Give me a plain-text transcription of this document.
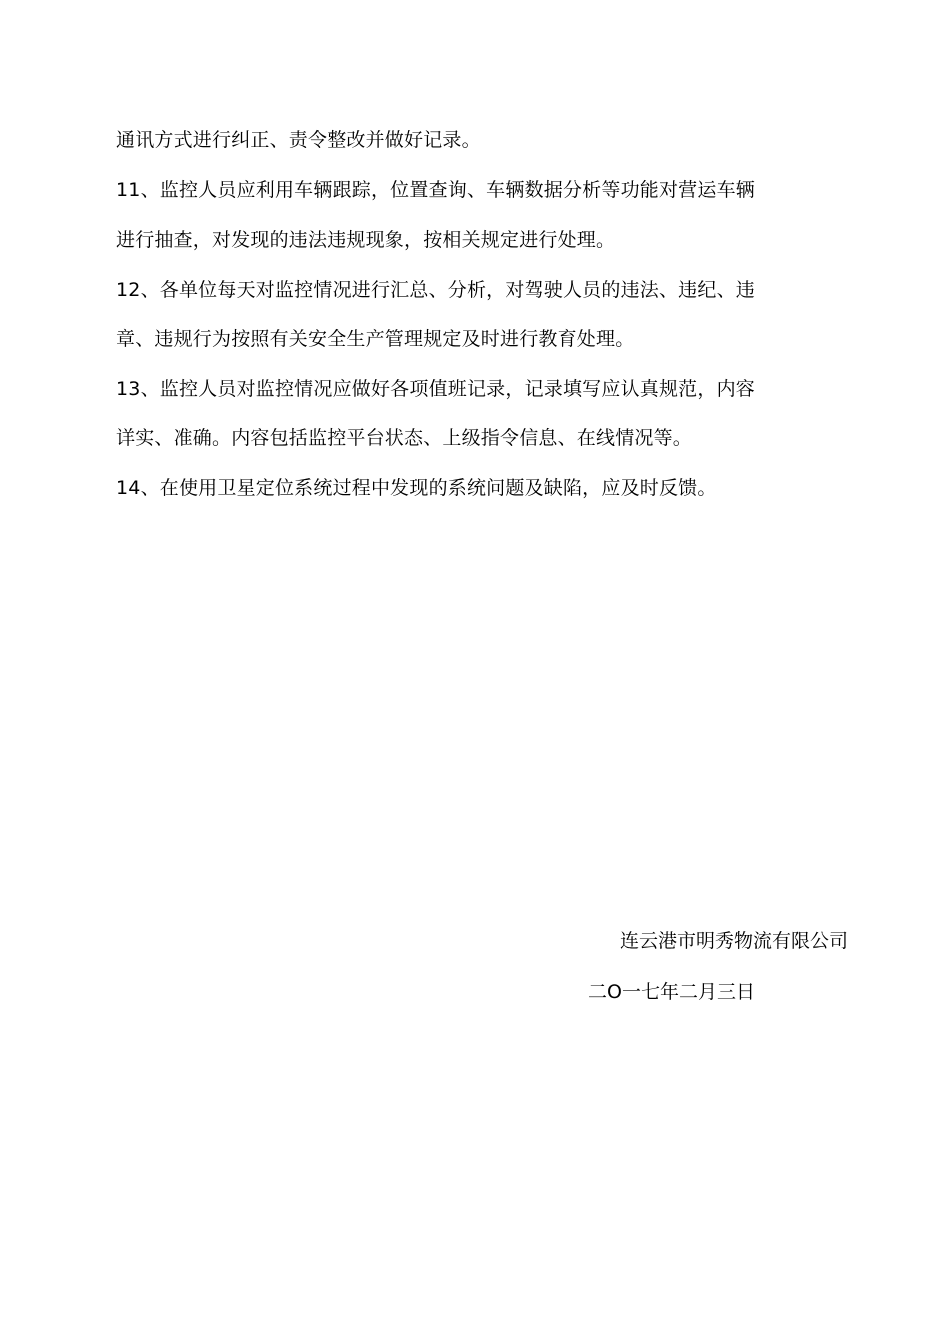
通讯方式进行纠正、责令整改并做好记录。
11、监控人员应利用车辆跟踪，位置查询、车辆数据分析等功能对营运车辆
进行抽查，对发现的违法违规现象，按相关规定进行处理。
12、各单位每天对监控情况进行汇总、分析，对驾驶人员的违法、违纪、违
章、违规行为按照有关安全生产管理规定及时进行教育处理。
13、监控人员对监控情况应做好各项值班记录，记录填写应认真规范，内容
详实、准确。内容包括监控平台状态、上级指令信息、在线情况等。
14、在使用卫星定位系统过程中发现的系统问题及缺陷，应及时反馈。
连云港市明秀物流有限公司
二O一七年二月三日
